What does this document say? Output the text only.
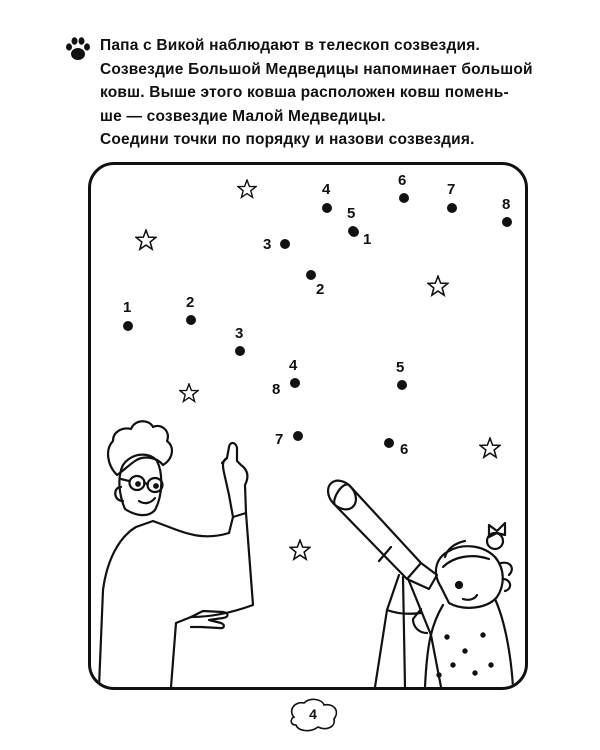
Папа с Викой наблюдают в телескоп созвездия.
Созвездие Большой Медведицы напоминает большой
ковш. Выше этого ковша расположен ковш помень-
ше — созвездие Малой Медведицы.
Соедини точки по порядку и назови созвездия.
1
2
3
4
5
6
7
8
1	2
3
4	5
6
7
8
4
